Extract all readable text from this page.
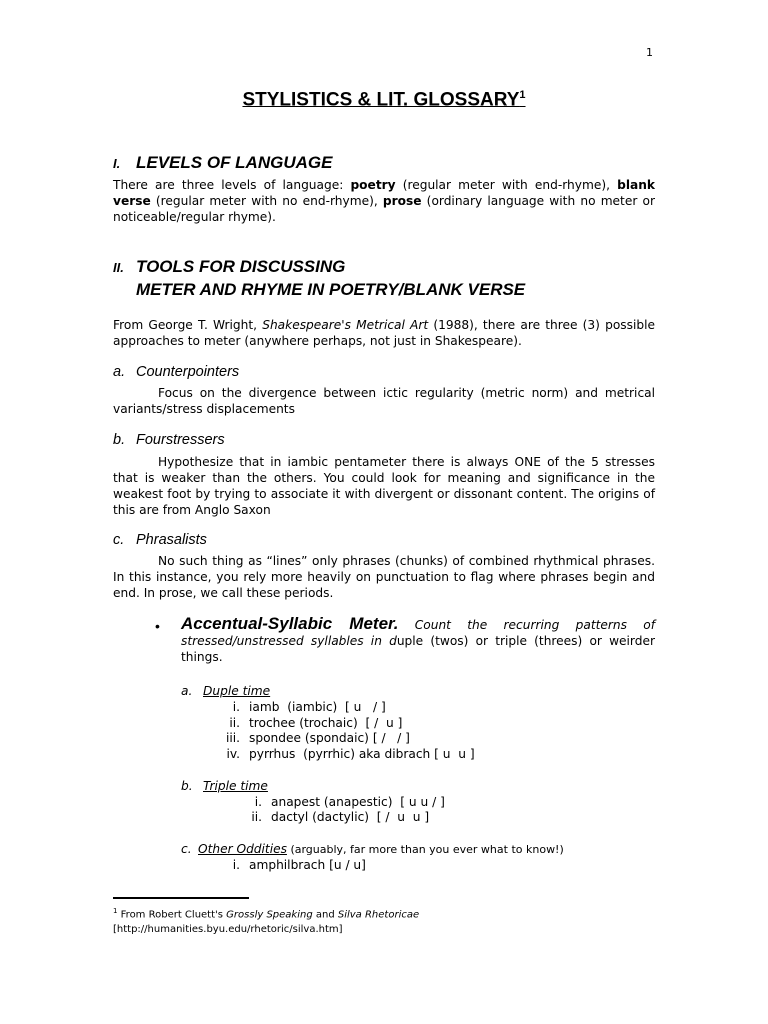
1
STYLISTICS & LIT. GLOSSARY$^1$
I. LEVELS OF LANGUAGE
There are three levels of language: poetry (regular meter with end-rhyme), blank verse (regular meter with no end-rhyme), prose (ordinary language with no meter or noticeable/regular rhyme).
II. TOOLS FOR DISCUSSING
METER AND RHYME IN POETRY/BLANK VERSE
From George T. Wright, Shakespeare's Metrical Art (1988), there are three (3) possible approaches to meter (anywhere perhaps, not just in Shakespeare).
a. Counterpointers
Focus on the divergence between ictic regularity (metric norm) and metrical variants/stress displacements
b. Fourstressers
Hypothesize that in iambic pentameter there is always ONE of the 5 stresses that is weaker than the others. You could look for meaning and significance in the weakest foot by trying to associate it with divergent or dissonant content. The origins of this are from Anglo Saxon
c. Phrasalists
No such thing as “lines” only phrases (chunks) of combined rhythmical phrases. In this instance, you rely more heavily on punctuation to flag where phrases begin and end. In prose, we call these periods.
• Accentual-Syllabic Meter. Count the recurring patterns of stressed/unstressed syllables in duple (twos) or triple (threes) or weirder things.
a. Duple time
i. iamb  (iambic)  [ u   / ]
ii. trochee (trochaic)  [ /  u ]
iii. spondee (spondaic) [ /   / ]
iv. pyrrhus  (pyrrhic) aka dibrach [ u  u ]
b. Triple time
i. anapest (anapestic)  [ u u / ]
ii. dactyl (dactylic)  [ /  u  u ]
c. Other Oddities (arguably, far more than you ever what to know!)
i. amphilbrach [u / u]
$^1$ From Robert Cluett's Grossly Speaking and Silva Rhetoricae
[http://humanities.byu.edu/rhetoric/silva.htm]
